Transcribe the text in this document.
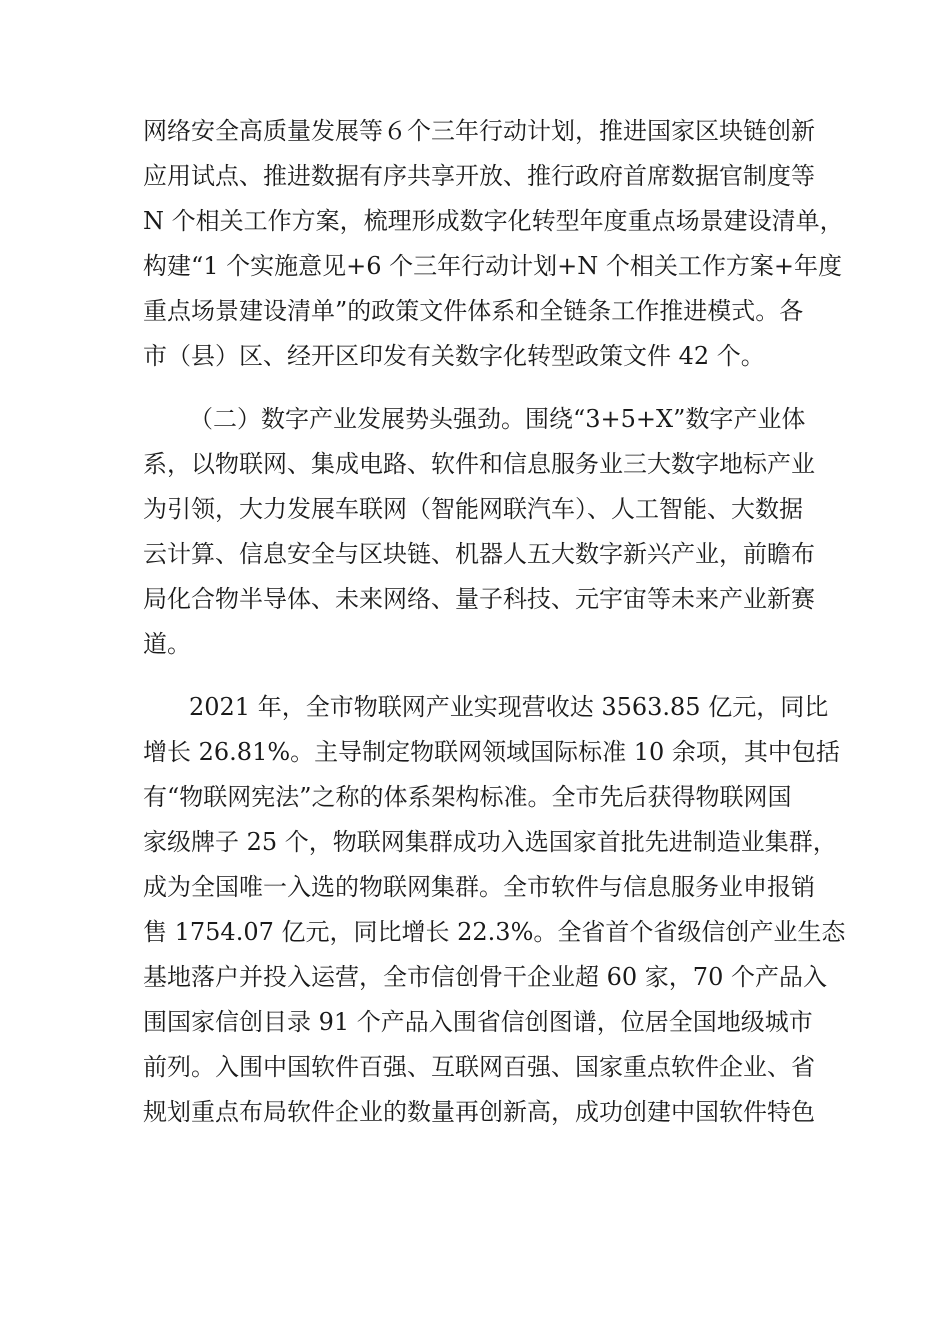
网络安全高质量发展等６个三年行动计划，推进国家区块链创新
应用试点、推进数据有序共享开放、推行政府首席数据官制度等
N 个相关工作方案，梳理形成数字化转型年度重点场景建设清单，
构建“1 个实施意见+6 个三年行动计划+N 个相关工作方案+年度
重点场景建设清单”的政策文件体系和全链条工作推进模式。各
市（县）区、经开区印发有关数字化转型政策文件 42 个。
（二）数字产业发展势头强劲。围绕“3+5+X”数字产业体
系，以物联网、集成电路、软件和信息服务业三大数字地标产业
为引领，大力发展车联网（智能网联汽车）、人工智能、大数据
云计算、信息安全与区块链、机器人五大数字新兴产业，前瞻布
局化合物半导体、未来网络、量子科技、元宇宙等未来产业新赛
道。
2021 年，全市物联网产业实现营收达 3563.85 亿元，同比
增长 26.81%。主导制定物联网领域国际标准 10 余项，其中包括
有“物联网宪法”之称的体系架构标准。全市先后获得物联网国
家级牌子 25 个，物联网集群成功入选国家首批先进制造业集群，
成为全国唯一入选的物联网集群。全市软件与信息服务业申报销
售 1754.07 亿元，同比增长 22.3%。全省首个省级信创产业生态
基地落户并投入运营，全市信创骨干企业超 60 家，70 个产品入
围国家信创目录 91 个产品入围省信创图谱，位居全国地级城市
前列。入围中国软件百强、互联网百强、国家重点软件企业、省
规划重点布局软件企业的数量再创新高，成功创建中国软件特色
